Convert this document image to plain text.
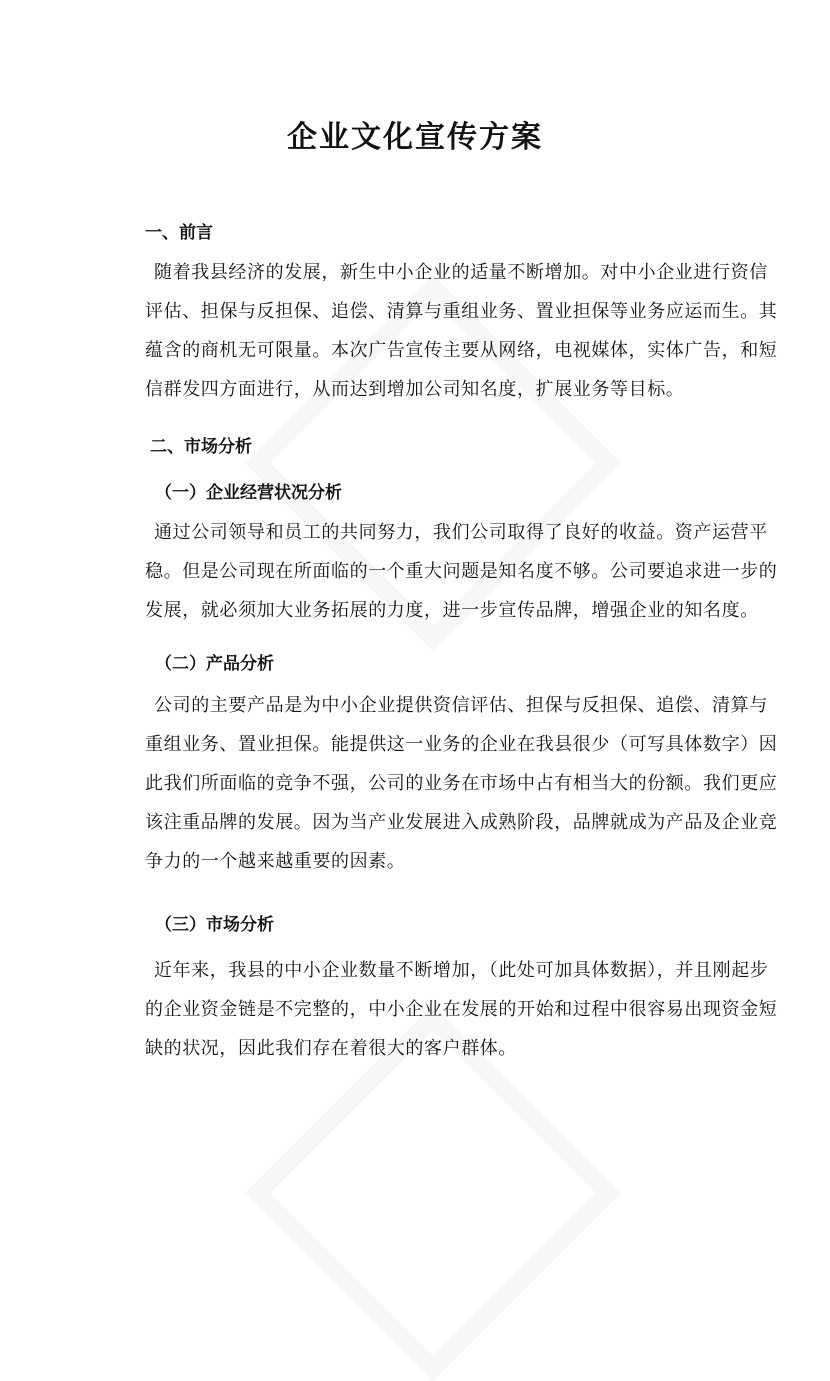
企业文化宣传方案
一、前言
随着我县经济的发展，新生中小企业的适量不断增加。对中小企业进行资信
评估、担保与反担保、追偿、清算与重组业务、置业担保等业务应运而生。其
蕴含的商机无可限量。本次广告宣传主要从网络，电视媒体，实体广告，和短
信群发四方面进行，从而达到增加公司知名度，扩展业务等目标。
二、市场分析
（一）企业经营状况分析
通过公司领导和员工的共同努力，我们公司取得了良好的收益。资产运营平
稳。但是公司现在所面临的一个重大问题是知名度不够。公司要追求进一步的
发展，就必须加大业务拓展的力度，进一步宣传品牌，增强企业的知名度。
（二）产品分析
公司的主要产品是为中小企业提供资信评估、担保与反担保、追偿、清算与
重组业务、置业担保。能提供这一业务的企业在我县很少（可写具体数字）因
此我们所面临的竞争不强，公司的业务在市场中占有相当大的份额。我们更应
该注重品牌的发展。因为当产业发展进入成熟阶段，品牌就成为产品及企业竞
争力的一个越来越重要的因素。
（三）市场分析
近年来，我县的中小企业数量不断增加，（此处可加具体数据），并且刚起步
的企业资金链是不完整的，中小企业在发展的开始和过程中很容易出现资金短
缺的状况，因此我们存在着很大的客户群体。
